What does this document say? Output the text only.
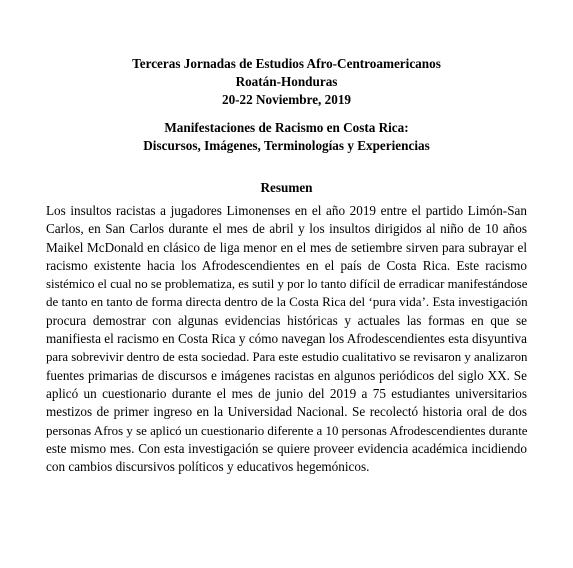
Terceras Jornadas de Estudios Afro-Centroamericanos
Roatán-Honduras
20-22 Noviembre, 2019
Manifestaciones de Racismo en Costa Rica:
Discursos, Imágenes, Terminologías y Experiencias
Resumen
Los insultos racistas a jugadores Limonenses en el año 2019 entre el partido Limón-San
Carlos, en San Carlos durante el mes de abril y los insultos dirigidos al niño de 10 años
Maikel McDonald en clásico de liga menor en el mes de setiembre sirven para subrayar el
racismo existente hacia los Afrodescendientes en el país de Costa Rica. Este racismo
sistémico el cual no se problematiza, es sutil y por lo tanto difícil de erradicar manifestándose
de tanto en tanto de forma directa dentro de la Costa Rica del ‘pura vida’. Esta investigación
procura demostrar con algunas evidencias históricas y actuales las formas en que se
manifiesta el racismo en Costa Rica y cómo navegan los Afrodescendientes esta disyuntiva
para sobrevivir dentro de esta sociedad. Para este estudio cualitativo se revisaron y analizaron
fuentes primarias de discursos e imágenes racistas en algunos periódicos del siglo XX. Se
aplicó un cuestionario durante el mes de junio del 2019 a 75 estudiantes universitarios
mestizos de primer ingreso en la Universidad Nacional. Se recolectó historia oral de dos
personas Afros y se aplicó un cuestionario diferente a 10 personas Afrodescendientes durante
este mismo mes. Con esta investigación se quiere proveer evidencia académica incidiendo
con cambios discursivos políticos y educativos hegemónicos.
